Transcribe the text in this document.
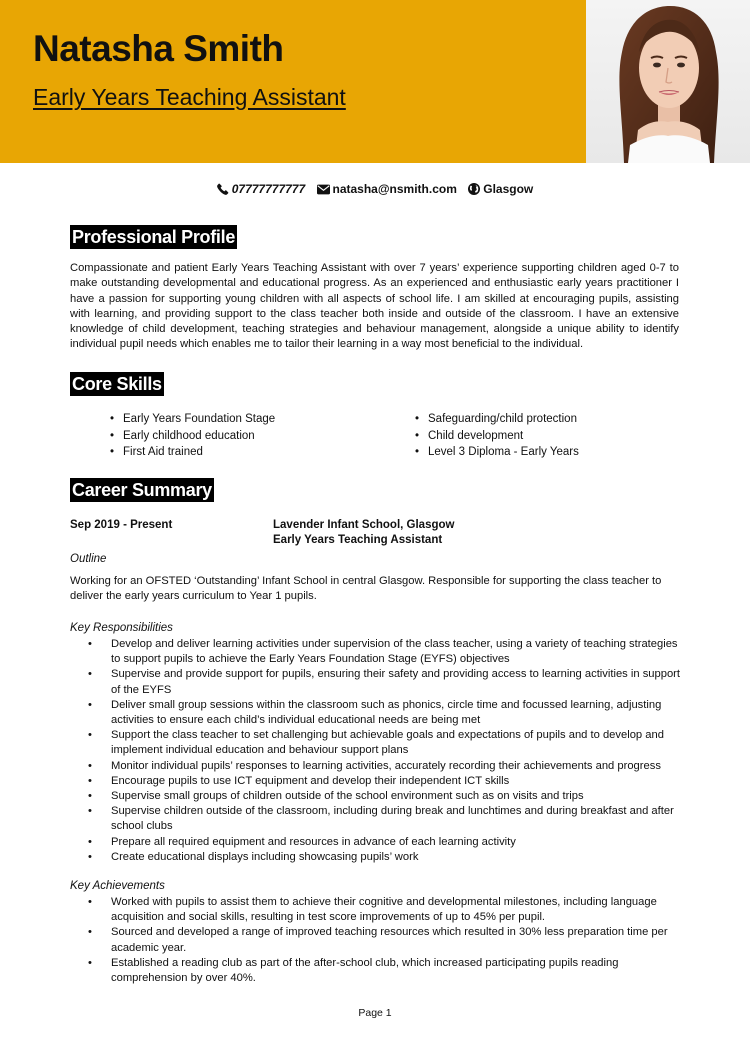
Natasha Smith
Early Years Teaching Assistant
07777777777 natasha@nsmith.com Glasgow
Professional Profile
Compassionate and patient Early Years Teaching Assistant with over 7 years’ experience supporting children aged 0-7 to make outstanding developmental and educational progress. As an experienced and enthusiastic early years practitioner I have a passion for supporting young children with all aspects of school life. I am skilled at encouraging pupils, assisting with learning, and providing support to the class teacher both inside and outside of the classroom. I have an extensive knowledge of child development, teaching strategies and behaviour management, alongside a unique ability to identify individual pupil needs which enables me to tailor their learning in a way most beneficial to the individual.
Core Skills
• Early Years Foundation Stage
• Early childhood education
• First Aid trained
• Safeguarding/child protection
• Child development
• Level 3 Diploma - Early Years
Career Summary
Sep 2019 - Present	Lavender Infant School, Glasgow
Early Years Teaching Assistant
Outline
Working for an OFSTED ‘Outstanding’ Infant School in central Glasgow. Responsible for supporting the class teacher to deliver the early years curriculum to Year 1 pupils.
Key Responsibilities
• Develop and deliver learning activities under supervision of the class teacher, using a variety of teaching strategies to support pupils to achieve the Early Years Foundation Stage (EYFS) objectives
• Supervise and provide support for pupils, ensuring their safety and providing access to learning activities in support of the EYFS
• Deliver small group sessions within the classroom such as phonics, circle time and focussed learning, adjusting activities to ensure each child’s individual educational needs are being met
• Support the class teacher to set challenging but achievable goals and expectations of pupils and to develop and implement individual education and behaviour support plans
• Monitor individual pupils’ responses to learning activities, accurately recording their achievements and progress
• Encourage pupils to use ICT equipment and develop their independent ICT skills
• Supervise small groups of children outside of the school environment such as on visits and trips
• Supervise children outside of the classroom, including during break and lunchtimes and during breakfast and after school clubs
• Prepare all required equipment and resources in advance of each learning activity
• Create educational displays including showcasing pupils’ work
Key Achievements
• Worked with pupils to assist them to achieve their cognitive and developmental milestones, including language acquisition and social skills, resulting in test score improvements of up to 45% per pupil.
• Sourced and developed a range of improved teaching resources which resulted in 30% less preparation time per academic year.
• Established a reading club as part of the after-school club, which increased participating pupils reading comprehension by over 40%.
Page 1
